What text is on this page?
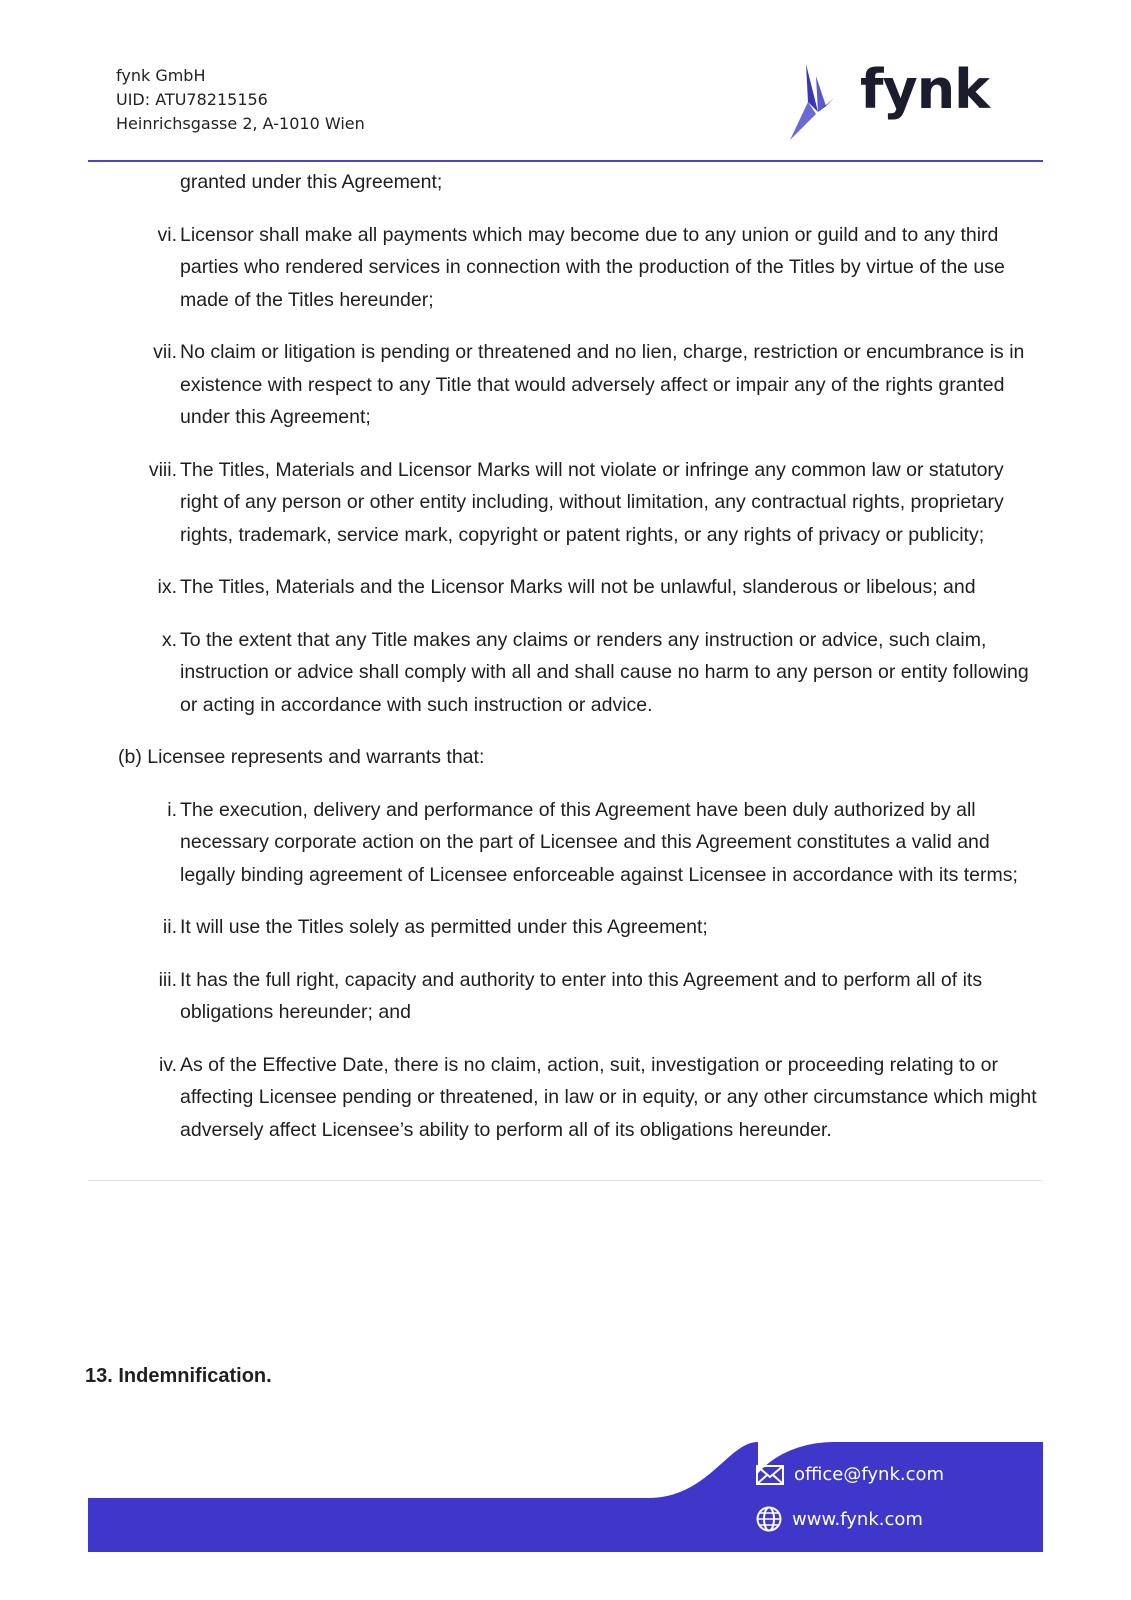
fynk GmbH
UID: ATU78215156
Heinrichsgasse 2, A-1010 Wien
fynk

granted under this Agreement;

vi. Licensor shall make all payments which may become due to any union or guild and to any third parties who rendered services in connection with the production of the Titles by virtue of the use made of the Titles hereunder;
vii. No claim or litigation is pending or threatened and no lien, charge, restriction or encumbrance is in existence with respect to any Title that would adversely affect or impair any of the rights granted under this Agreement;
viii. The Titles, Materials and Licensor Marks will not violate or infringe any common law or statutory right of any person or other entity including, without limitation, any contractual rights, proprietary rights, trademark, service mark, copyright or patent rights, or any rights of privacy or publicity;
ix. The Titles, Materials and the Licensor Marks will not be unlawful, slanderous or libelous; and
x. To the extent that any Title makes any claims or renders any instruction or advice, such claim, instruction or advice shall comply with all and shall cause no harm to any person or entity following or acting in accordance with such instruction or advice.

(b) Licensee represents and warrants that:

i. The execution, delivery and performance of this Agreement have been duly authorized by all necessary corporate action on the part of Licensee and this Agreement constitutes a valid and legally binding agreement of Licensee enforceable against Licensee in accordance with its terms;
ii. It will use the Titles solely as permitted under this Agreement;
iii. It has the full right, capacity and authority to enter into this Agreement and to perform all of its obligations hereunder; and
iv. As of the Effective Date, there is no claim, action, suit, investigation or proceeding relating to or affecting Licensee pending or threatened, in law or in equity, or any other circumstance which might adversely affect Licensee’s ability to perform all of its obligations hereunder.
13. Indemnification.
office@fynk.com
www.fynk.com
